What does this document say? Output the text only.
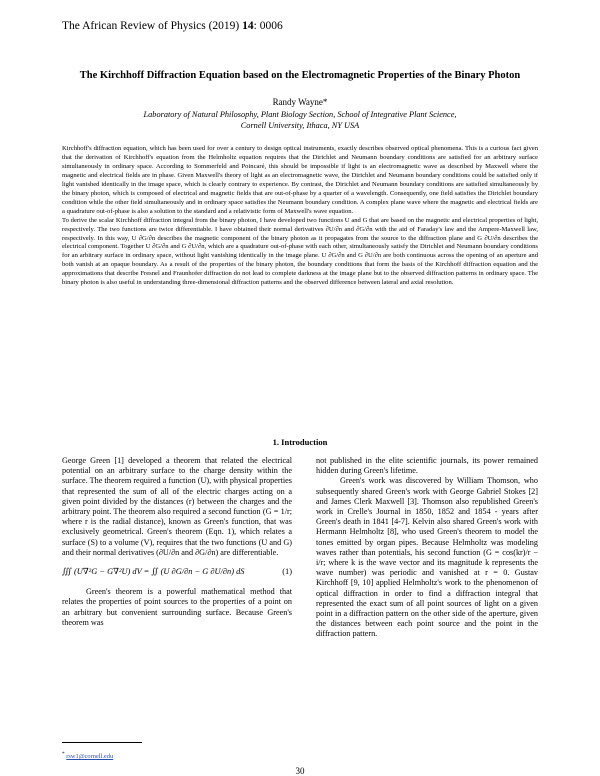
The African Review of Physics (2019) 14: 0006
The Kirchhoff Diffraction Equation based on the Electromagnetic Properties of the Binary Photon
Randy Wayne*
Laboratory of Natural Philosophy, Plant Biology Section, School of Integrative Plant Science,
Cornell University, Ithaca, NY USA

Kirchhoff's diffraction equation, which has been used for over a century to design optical instruments, exactly describes observed optical phenomena. This is a curious fact given that the derivation of Kirchhoff's equation from the Helmholtz equation requires that the Dirichlet and Neumann boundary conditions are satisfied for an arbitrary surface simultaneously in ordinary space. According to Sommerfeld and Poincaré, this should be impossible if light is an electromagnetic wave as described by Maxwell where the magnetic and electrical fields are in phase. Given Maxwell's theory of light as an electromagnetic wave, the Dirichlet and Neumann boundary conditions could be satisfied only if light vanished identically in the image space, which is clearly contrary to experience. By contrast, the Dirichlet and Neumann boundary conditions are satisfied simultaneously by the binary photon, which is composed of electrical and magnetic fields that are out-of-phase by a quarter of a wavelength. Consequently, one field satisfies the Dirichlet boundary condition while the other field simultaneously and in ordinary space satisfies the Neumann boundary condition. A complex plane wave where the magnetic and electrical fields are a quadrature out-of-phase is also a solution to the standard and a relativistic form of Maxwell's wave equation.

To derive the scalar Kirchhoff diffraction integral from the binary photon, I have developed two functions U and G that are based on the magnetic and electrical properties of light, respectively. The two functions are twice differentiable. I have obtained their normal derivatives ∂U/∂n and ∂G/∂n with the aid of Faraday's law and the Ampere-Maxwell law, respectively. In this way, U ∂G/∂n describes the magnetic component of the binary photon as it propagates from the source to the diffraction plane and G ∂U/∂n describes the electrical component. Together U ∂G/∂n and G ∂U/∂n, which are a quadrature out-of-phase with each other, simultaneously satisfy the Dirichlet and Neumann boundary conditions for an arbitrary surface in ordinary space, without light vanishing identically in the image plane. U ∂G/∂n and G ∂U/∂n are both continuous across the opening of an aperture and both vanish at an opaque boundary. As a result of the properties of the binary photon, the boundary conditions that form the basis of the Kirchhoff diffraction equation and the approximations that describe Fresnel and Fraunhofer diffraction do not lead to complete darkness at the image plane but to the observed diffraction patterns in ordinary space. The binary photon is also useful in understanding three-dimensional diffraction patterns and the observed difference between lateral and axial resolution.

1. Introduction

George Green [1] developed a theorem that related the electrical potential on an arbitrary surface to the charge density within the surface. The theorem required a function (U), with physical properties that represented the sum of all of the electric charges acting on a given point divided by the distances (r) between the charges and the arbitrary point. The theorem also required a second function (G = 1/r; where r is the radial distance), known as Green's function, that was exclusively geometrical. Green's theorem (Eqn. 1), which relates a surface (S) to a volume (V), requires that the two functions (U and G) and their normal derivatives (∂U/∂n and ∂G/∂n) are differentiable.

∭ (U∇²G − G∇²U) dV = ∬ (U ∂G/∂n − G ∂U/∂n) dS	(1)

Green's theorem is a powerful mathematical method that relates the properties of point sources to the properties of a point on an arbitrary but convenient surrounding surface. Because Green's theorem was

not published in the elite scientific journals, its power remained hidden during Green's lifetime.

Green's work was discovered by William Thomson, who subsequently shared Green's work with George Gabriel Stokes [2] and James Clerk Maxwell [3]. Thomson also republished Green's work in Crelle's Journal in 1850, 1852 and 1854 - years after Green's death in 1841 [4-7]. Kelvin also shared Green's work with Hermann Helmholtz [8], who used Green's theorem to model the tones emitted by organ pipes. Because Helmholtz was modeling waves rather than potentials, his second function (G = cos(kr)/r − i/r; where k is the wave vector and its magnitude k represents the wave number) was periodic and vanished at r = 0. Gustav Kirchhoff [9, 10] applied Helmholtz's work to the phenomenon of optical diffraction in order to find a diffraction integral that represented the exact sum of all point sources of light on a given point in a diffraction pattern on the other side of the aperture, given the distances between each point source and the point in the diffraction pattern.

* rsw1@cornell.edu
30
